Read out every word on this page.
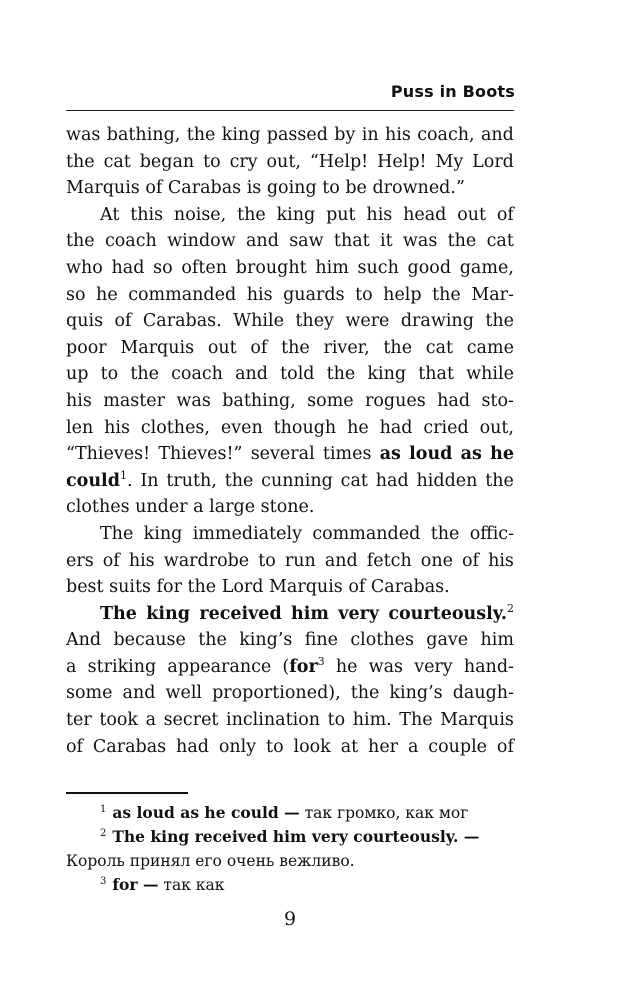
Puss in Boots
was bathing, the king passed by in his coach, and
the cat began to cry out, “Help! Help! My Lord
Marquis of Carabas is going to be drowned.”
At this noise, the king put his head out of
the coach window and saw that it was the cat
who had so often brought him such good game,
so he commanded his guards to help the Mar-
quis of Carabas. While they were drawing the
poor Marquis out of the river, the cat came
up to the coach and told the king that while
his master was bathing, some rogues had sto-
len his clothes, even though he had cried out,
“Thieves! Thieves!” several times as loud as he
could$^1$. In truth, the cunning cat had hidden the
clothes under a large stone.
The king immediately commanded the offic-
ers of his wardrobe to run and fetch one of his
best suits for the Lord Marquis of Carabas.
The king received him very courteously.$^2$
And because the king’s fine clothes gave him
a striking appearance (for$^3$ he was very hand-
some and well proportioned), the king’s daugh-
ter took a secret inclination to him. The Marquis
of Carabas had only to look at her a couple of
$^1$ as loud as he could — так громко, как мог
$^2$ The king received him very courteously. —
Король принял его очень вежливо.
$^3$ for — так как
9
